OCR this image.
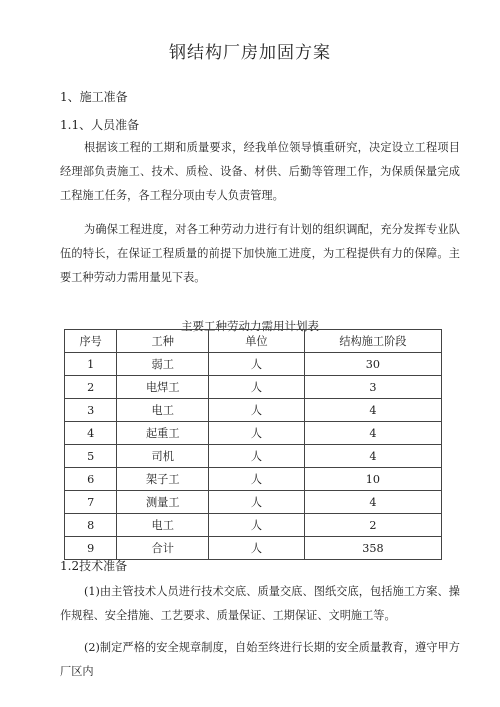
钢结构厂房加固方案
1、施工准备
1.1、人员准备
根据该工程的工期和质量要求，经我单位领导慎重研究，决定设立工程项目经理部负责施工、技术、质检、设备、材供、后勤等管理工作，为保质保量完成工程施工任务，各工程分项由专人负责管理。
为确保工程进度，对各工种劳动力进行有计划的组织调配，充分发挥专业队伍的特长，在保证工程质量的前提下加快施工进度，为工程提供有力的保障。主要工种劳动力需用量见下表。
主要工种劳动力需用计划表
序号	工种	单位	结构施工阶段
1	弱工	人	30
2	电焊工	人	3
3	电工	人	4
4	起重工	人	4
5	司机	人	4
6	架子工	人	10
7	测量工	人	4
8	电工	人	2
9	合计	人	358
1.2技术准备
(1)由主管技术人员进行技术交底、质量交底、图纸交底，包括施工方案、操作规程、安全措施、工艺要求、质量保证、工期保证、文明施工等。
(2)制定严格的安全规章制度，自始至终进行长期的安全质量教育，遵守甲方厂区内
